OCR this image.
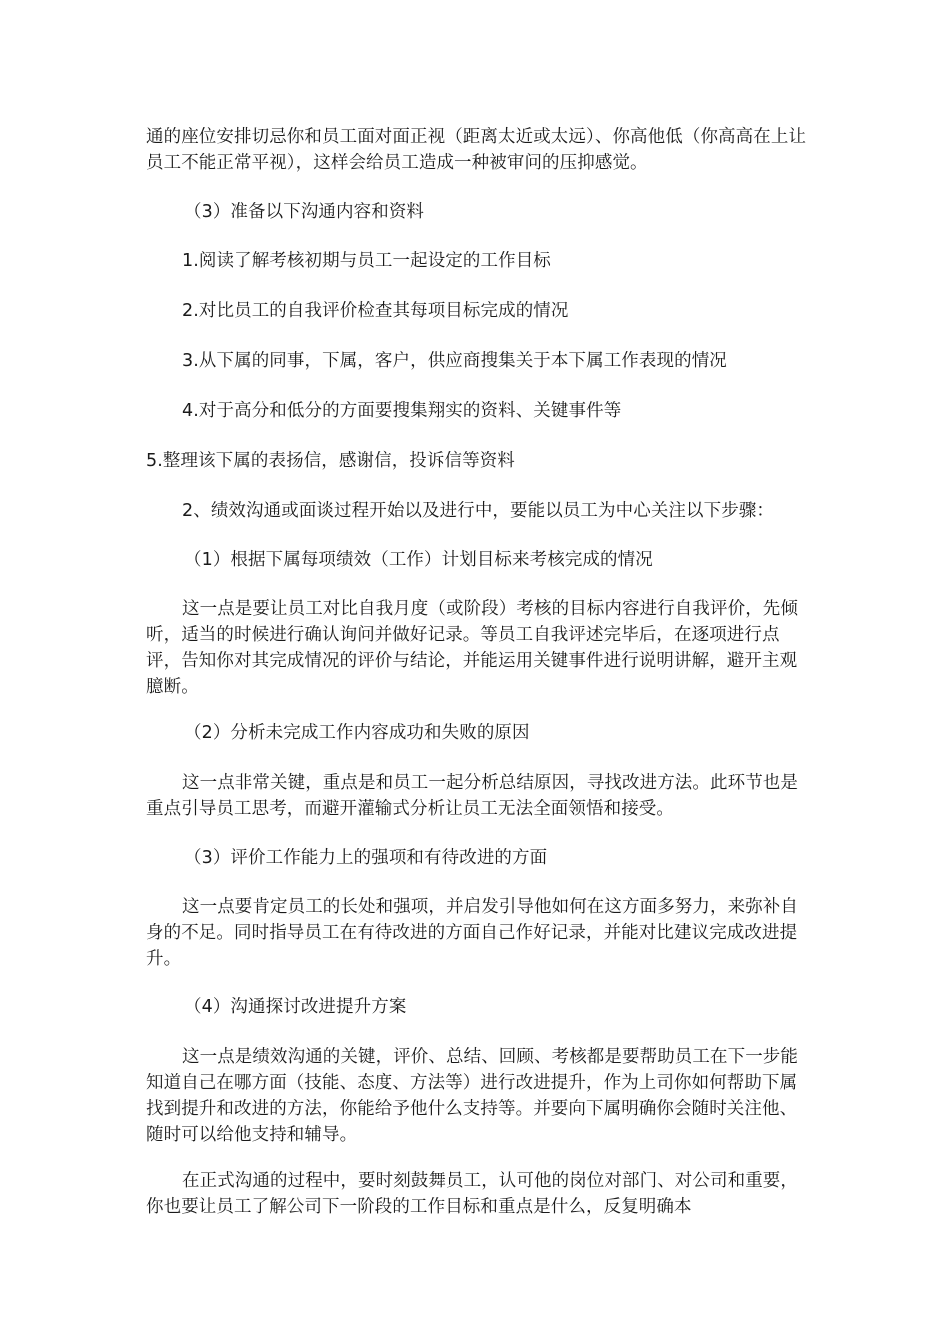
通的座位安排切忌你和员工面对面正视（距离太近或太远）、你高他低（你高高在上让员工不能正常平视），这样会给员工造成一种被审问的压抑感觉。

（3）准备以下沟通内容和资料

1.阅读了解考核初期与员工一起设定的工作目标

2.对比员工的自我评价检查其每项目标完成的情况

3.从下属的同事，下属，客户，供应商搜集关于本下属工作表现的情况

4.对于高分和低分的方面要搜集翔实的资料、关键事件等

5.整理该下属的表扬信，感谢信，投诉信等资料

2、绩效沟通或面谈过程开始以及进行中，要能以员工为中心关注以下步骤：

（1）根据下属每项绩效（工作）计划目标来考核完成的情况

这一点是要让员工对比自我月度（或阶段）考核的目标内容进行自我评价，先倾听，适当的时候进行确认询问并做好记录。等员工自我评述完毕后，在逐项进行点评，告知你对其完成情况的评价与结论，并能运用关键事件进行说明讲解，避开主观臆断。

（2）分析未完成工作内容成功和失败的原因

这一点非常关键，重点是和员工一起分析总结原因，寻找改进方法。此环节也是重点引导员工思考，而避开灌输式分析让员工无法全面领悟和接受。

（3）评价工作能力上的强项和有待改进的方面

这一点要肯定员工的长处和强项，并启发引导他如何在这方面多努力，来弥补自身的不足。同时指导员工在有待改进的方面自己作好记录，并能对比建议完成改进提升。

（4）沟通探讨改进提升方案

这一点是绩效沟通的关键，评价、总结、回顾、考核都是要帮助员工在下一步能知道自己在哪方面（技能、态度、方法等）进行改进提升，作为上司你如何帮助下属找到提升和改进的方法，你能给予他什么支持等。并要向下属明确你会随时关注他、随时可以给他支持和辅导。

在正式沟通的过程中，要时刻鼓舞员工，认可他的岗位对部门、对公司和重要，你也要让员工了解公司下一阶段的工作目标和重点是什么，反复明确本
